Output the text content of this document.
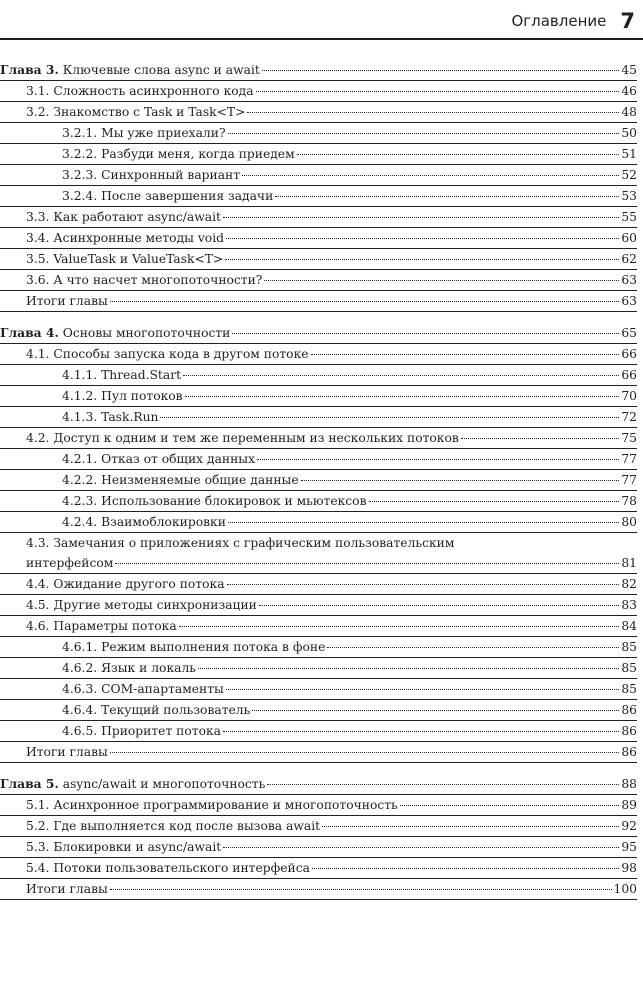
Оглавление 7
Глава 3. Ключевые слова async и await	45
3.1. Сложность асинхронного кода	46
3.2. Знакомство с Task и Task<T>	48
3.2.1. Мы уже приехали?	50
3.2.2. Разбуди меня, когда приедем	51
3.2.3. Синхронный вариант	52
3.2.4. После завершения задачи	53
3.3. Как работают async/await	55
3.4. Асинхронные методы void	60
3.5. ValueTask и ValueTask<T>	62
3.6. А что насчет многопоточности?	63
Итоги главы	63
Глава 4. Основы многопоточности	65
4.1. Способы запуска кода в другом потоке	66
4.1.1. Thread.Start	66
4.1.2. Пул потоков	70
4.1.3. Task.Run	72
4.2. Доступ к одним и тем же переменным из нескольких потоков	75
4.2.1. Отказ от общих данных	77
4.2.2. Неизменяемые общие данные	77
4.2.3. Использование блокировок и мьютексов	78
4.2.4. Взаимоблокировки	80
4.3. Замечания о приложениях с графическим пользовательским
интерфейсом	81
4.4. Ожидание другого потока	82
4.5. Другие методы синхронизации	83
4.6. Параметры потока	84
4.6.1. Режим выполнения потока в фоне	85
4.6.2. Язык и локаль	85
4.6.3. COM-апартаменты	85
4.6.4. Текущий пользователь	86
4.6.5. Приоритет потока	86
Итоги главы	86
Глава 5. async/await и многопоточность	88
5.1. Асинхронное программирование и многопоточность	89
5.2. Где выполняется код после вызова await	92
5.3. Блокировки и async/await	95
5.4. Потоки пользовательского интерфейса	98
Итоги главы	100
